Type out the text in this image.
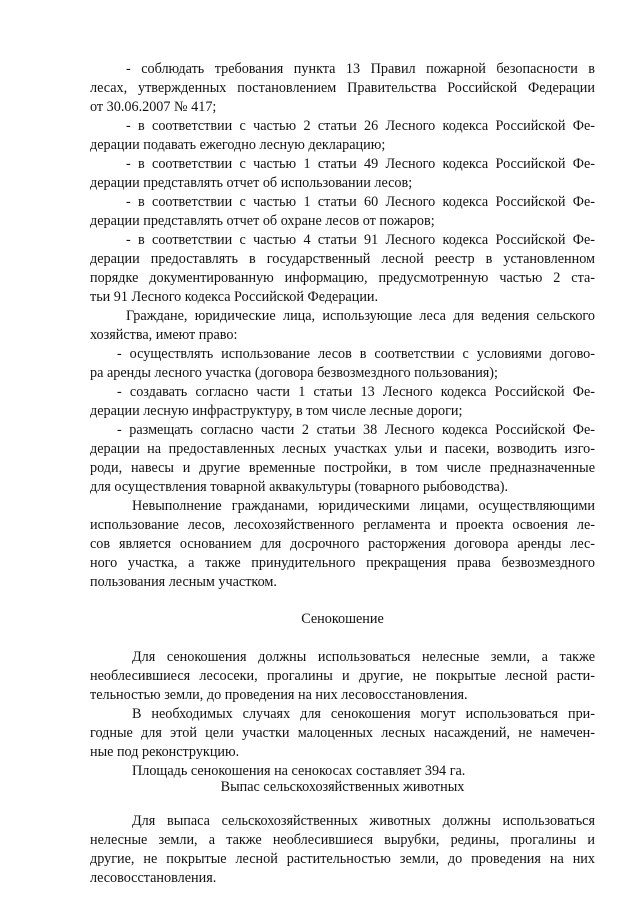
- соблюдать требования пункта 13 Правил пожарной безопасности в
лесах, утвержденных постановлением Правительства Российской Федерации
от 30.06.2007 № 417;
- в соответствии с частью 2 статьи 26 Лесного кодекса Российской Фе-
дерации подавать ежегодно лесную декларацию;
- в соответствии с частью 1 статьи 49 Лесного кодекса Российской Фе-
дерации представлять отчет об использовании лесов;
- в соответствии с частью 1 статьи 60 Лесного кодекса Российской Фе-
дерации представлять отчет об охране лесов от пожаров;
- в соответствии с частью 4 статьи 91 Лесного кодекса Российской Фе-
дерации предоставлять в государственный лесной реестр в установленном
порядке документированную информацию, предусмотренную частью 2 ста-
тьи 91 Лесного кодекса Российской Федерации.
Граждане, юридические лица, использующие леса для ведения сельского
хозяйства, имеют право:
- осуществлять использование лесов в соответствии с условиями догово-
ра аренды лесного участка (договора безвозмездного пользования);
- создавать согласно части 1 статьи 13 Лесного кодекса Российской Фе-
дерации лесную инфраструктуру, в том числе лесные дороги;
- размещать согласно части 2 статьи 38 Лесного кодекса Российской Фе-
дерации на предоставленных лесных участках ульи и пасеки, возводить изго-
роди, навесы и другие временные постройки, в том числе предназначенные
для осуществления товарной аквакультуры (товарного рыбоводства).
Невыполнение гражданами, юридическими лицами, осуществляющими
использование лесов, лесохозяйственного регламента и проекта освоения ле-
сов является основанием для досрочного расторжения договора аренды лес-
ного участка, а также принудительного прекращения права безвозмездного
пользования лесным участком.
Сенокошение
Для сенокошения должны использоваться нелесные земли, а также
необлесившиеся лесосеки, прогалины и другие, не покрытые лесной расти-
тельностью земли, до проведения на них лесовосстановления.
В необходимых случаях для сенокошения могут использоваться при-
годные для этой цели участки малоценных лесных насаждений, не намечен-
ные под реконструкцию.
Площадь сенокошения на сенокосах составляет 394 га.
Выпас сельскохозяйственных животных
Для выпаса сельскохозяйственных животных должны использоваться
нелесные земли, а также необлесившиеся вырубки, редины, прогалины и
другие, не покрытые лесной растительностью земли, до проведения на них
лесовосстановления.
